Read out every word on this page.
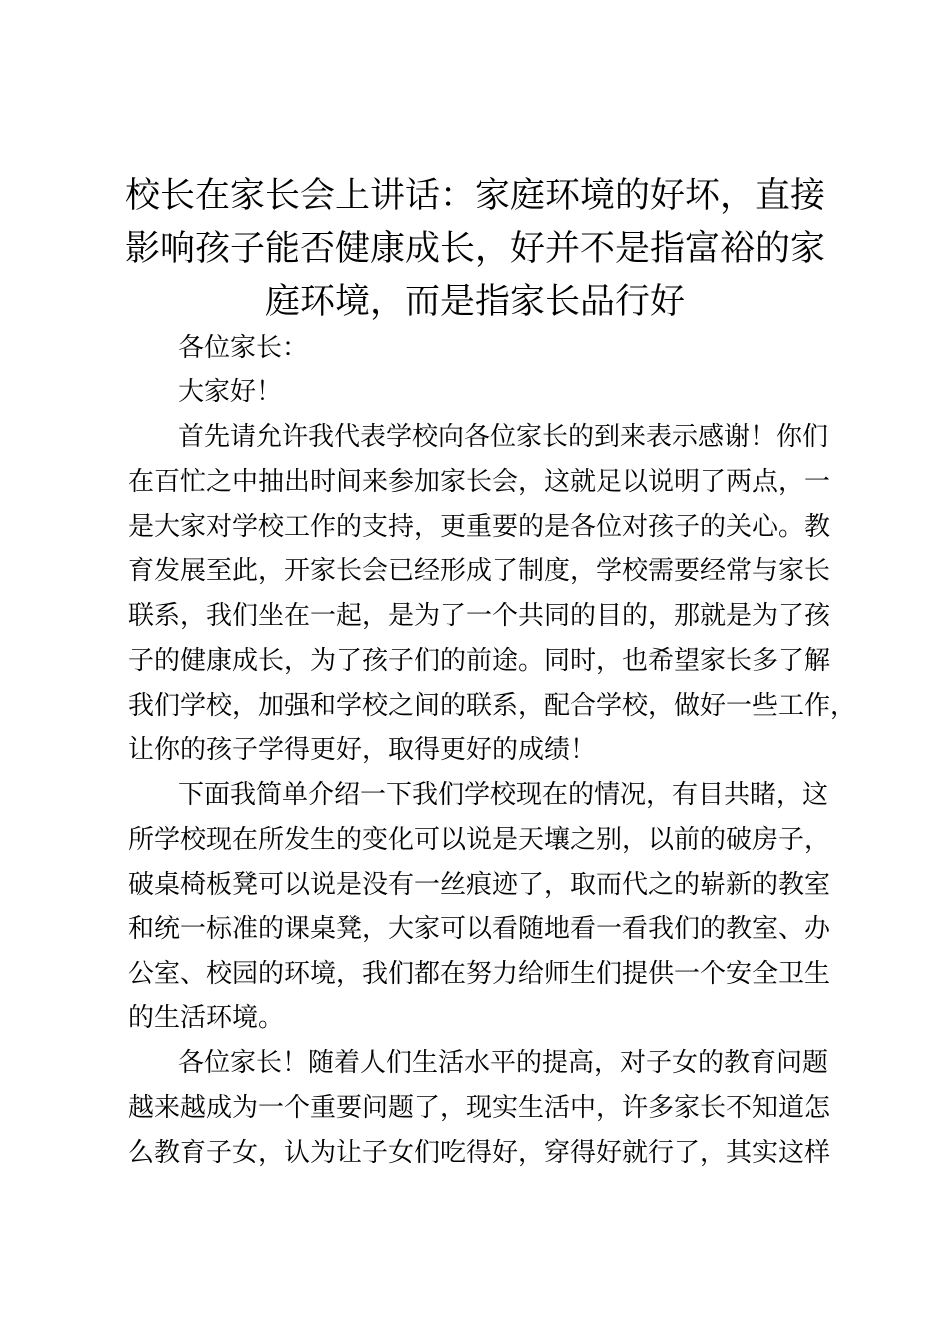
校长在家长会上讲话：家庭环境的好坏，直接
影响孩子能否健康成长，好并不是指富裕的家
庭环境，而是指家长品行好

各位家长：

大家好！

首先请允许我代表学校向各位家长的到来表示感谢！你们

在百忙之中抽出时间来参加家长会，这就足以说明了两点，一

是大家对学校工作的支持，更重要的是各位对孩子的关心。教

育发展至此，开家长会已经形成了制度，学校需要经常与家长

联系，我们坐在一起，是为了一个共同的目的，那就是为了孩

子的健康成长，为了孩子们的前途。同时，也希望家长多了解

我们学校，加强和学校之间的联系，配合学校，做好一些工作，

让你的孩子学得更好，取得更好的成绩！

下面我简单介绍一下我们学校现在的情况，有目共睹，这

所学校现在所发生的变化可以说是天壤之别，以前的破房子，

破桌椅板凳可以说是没有一丝痕迹了，取而代之的崭新的教室

和统一标准的课桌凳，大家可以看随地看一看我们的教室、办

公室、校园的环境，我们都在努力给师生们提供一个安全卫生

的生活环境。

各位家长！随着人们生活水平的提高，对子女的教育问题

越来越成为一个重要问题了，现实生活中，许多家长不知道怎

么教育子女，认为让子女们吃得好，穿得好就行了，其实这样
